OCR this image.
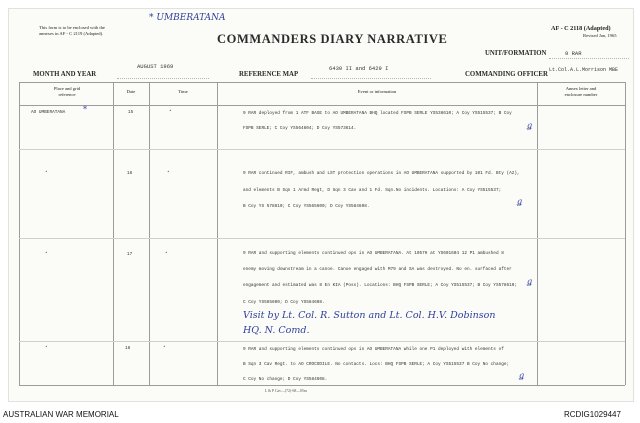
This form is to be enclosed with the
annexes in AF - C 2119 (Adapted).
* UMBERATANA
COMMANDERS DIARY NARRATIVE
AF - C 2118 (Adapted)
Revised Jan, 1965
UNIT/FORMATION	9 RAR
MONTH AND YEAR
AUGUST 1969
REFERENCE MAP
6430 II and 6429 I
COMMANDING OFFICER
Lt.Col.A.L.Morrison MBE
Place and grid
reference
Date	Time	Event or information
Annex letter and
enclosure number
AO UMBERATANA *	15	*	9 RAR deployed from 1 ATF BASE to AO UMBERATANA BHQ located FSPB SERLE YS538610; A Coy YS515537; B Coy
FSPB SERLE; C Coy YS564604; D Coy YS573614.	ǥ
*	16	*	9 RAR continued RIF, ambush and LST protection operations in AO UMBERATANA supported by 101 Fd. Bty (A2),
and elements B Sqn 1 Armd Regt, D Sqn 3 Cav and 1 Fd. Sqn.No incidents. Locations: A Coy YS515537;
B Coy YS 578610; C Coy YS565600; D Coy YS584608.
ǥ
*	17	*	9 RAR and supporting elements continued ops in AO UMBERATANA. At 1057H at YS601604 12 P1 ambushed 8
enemy moving downstream in a canoe. Canoe engaged with M79 and SA was destroyed. No en. surfaced after
engagement and estimated was 8 En KIA (Poss). Locations: BHQ FSPB SERLE; A Coy YS515537; B Coy YS578610;
C Coy YS565600; D Coy YS584608.
Visit by Lt. Col. R. Sutton and Lt. Col. H.V. Dobinson
HQ. N. Comd.
ǥ
*	18	*	9 RAR and supporting elements continued ops in AO UMBERATANA while one P1 deployed with elements of
B Sqn 3 Cav Regt. to AO CROCODILE. No contacts. Locs: BHQ FSPB SERLE; A Coy YS515537 B Coy No change;
C Coy No change; D Coy YS584608.	ǥ
L & P Cav—(72)-68—85m
AUSTRALIAN WAR MEMORIAL	RCDIG1029447
